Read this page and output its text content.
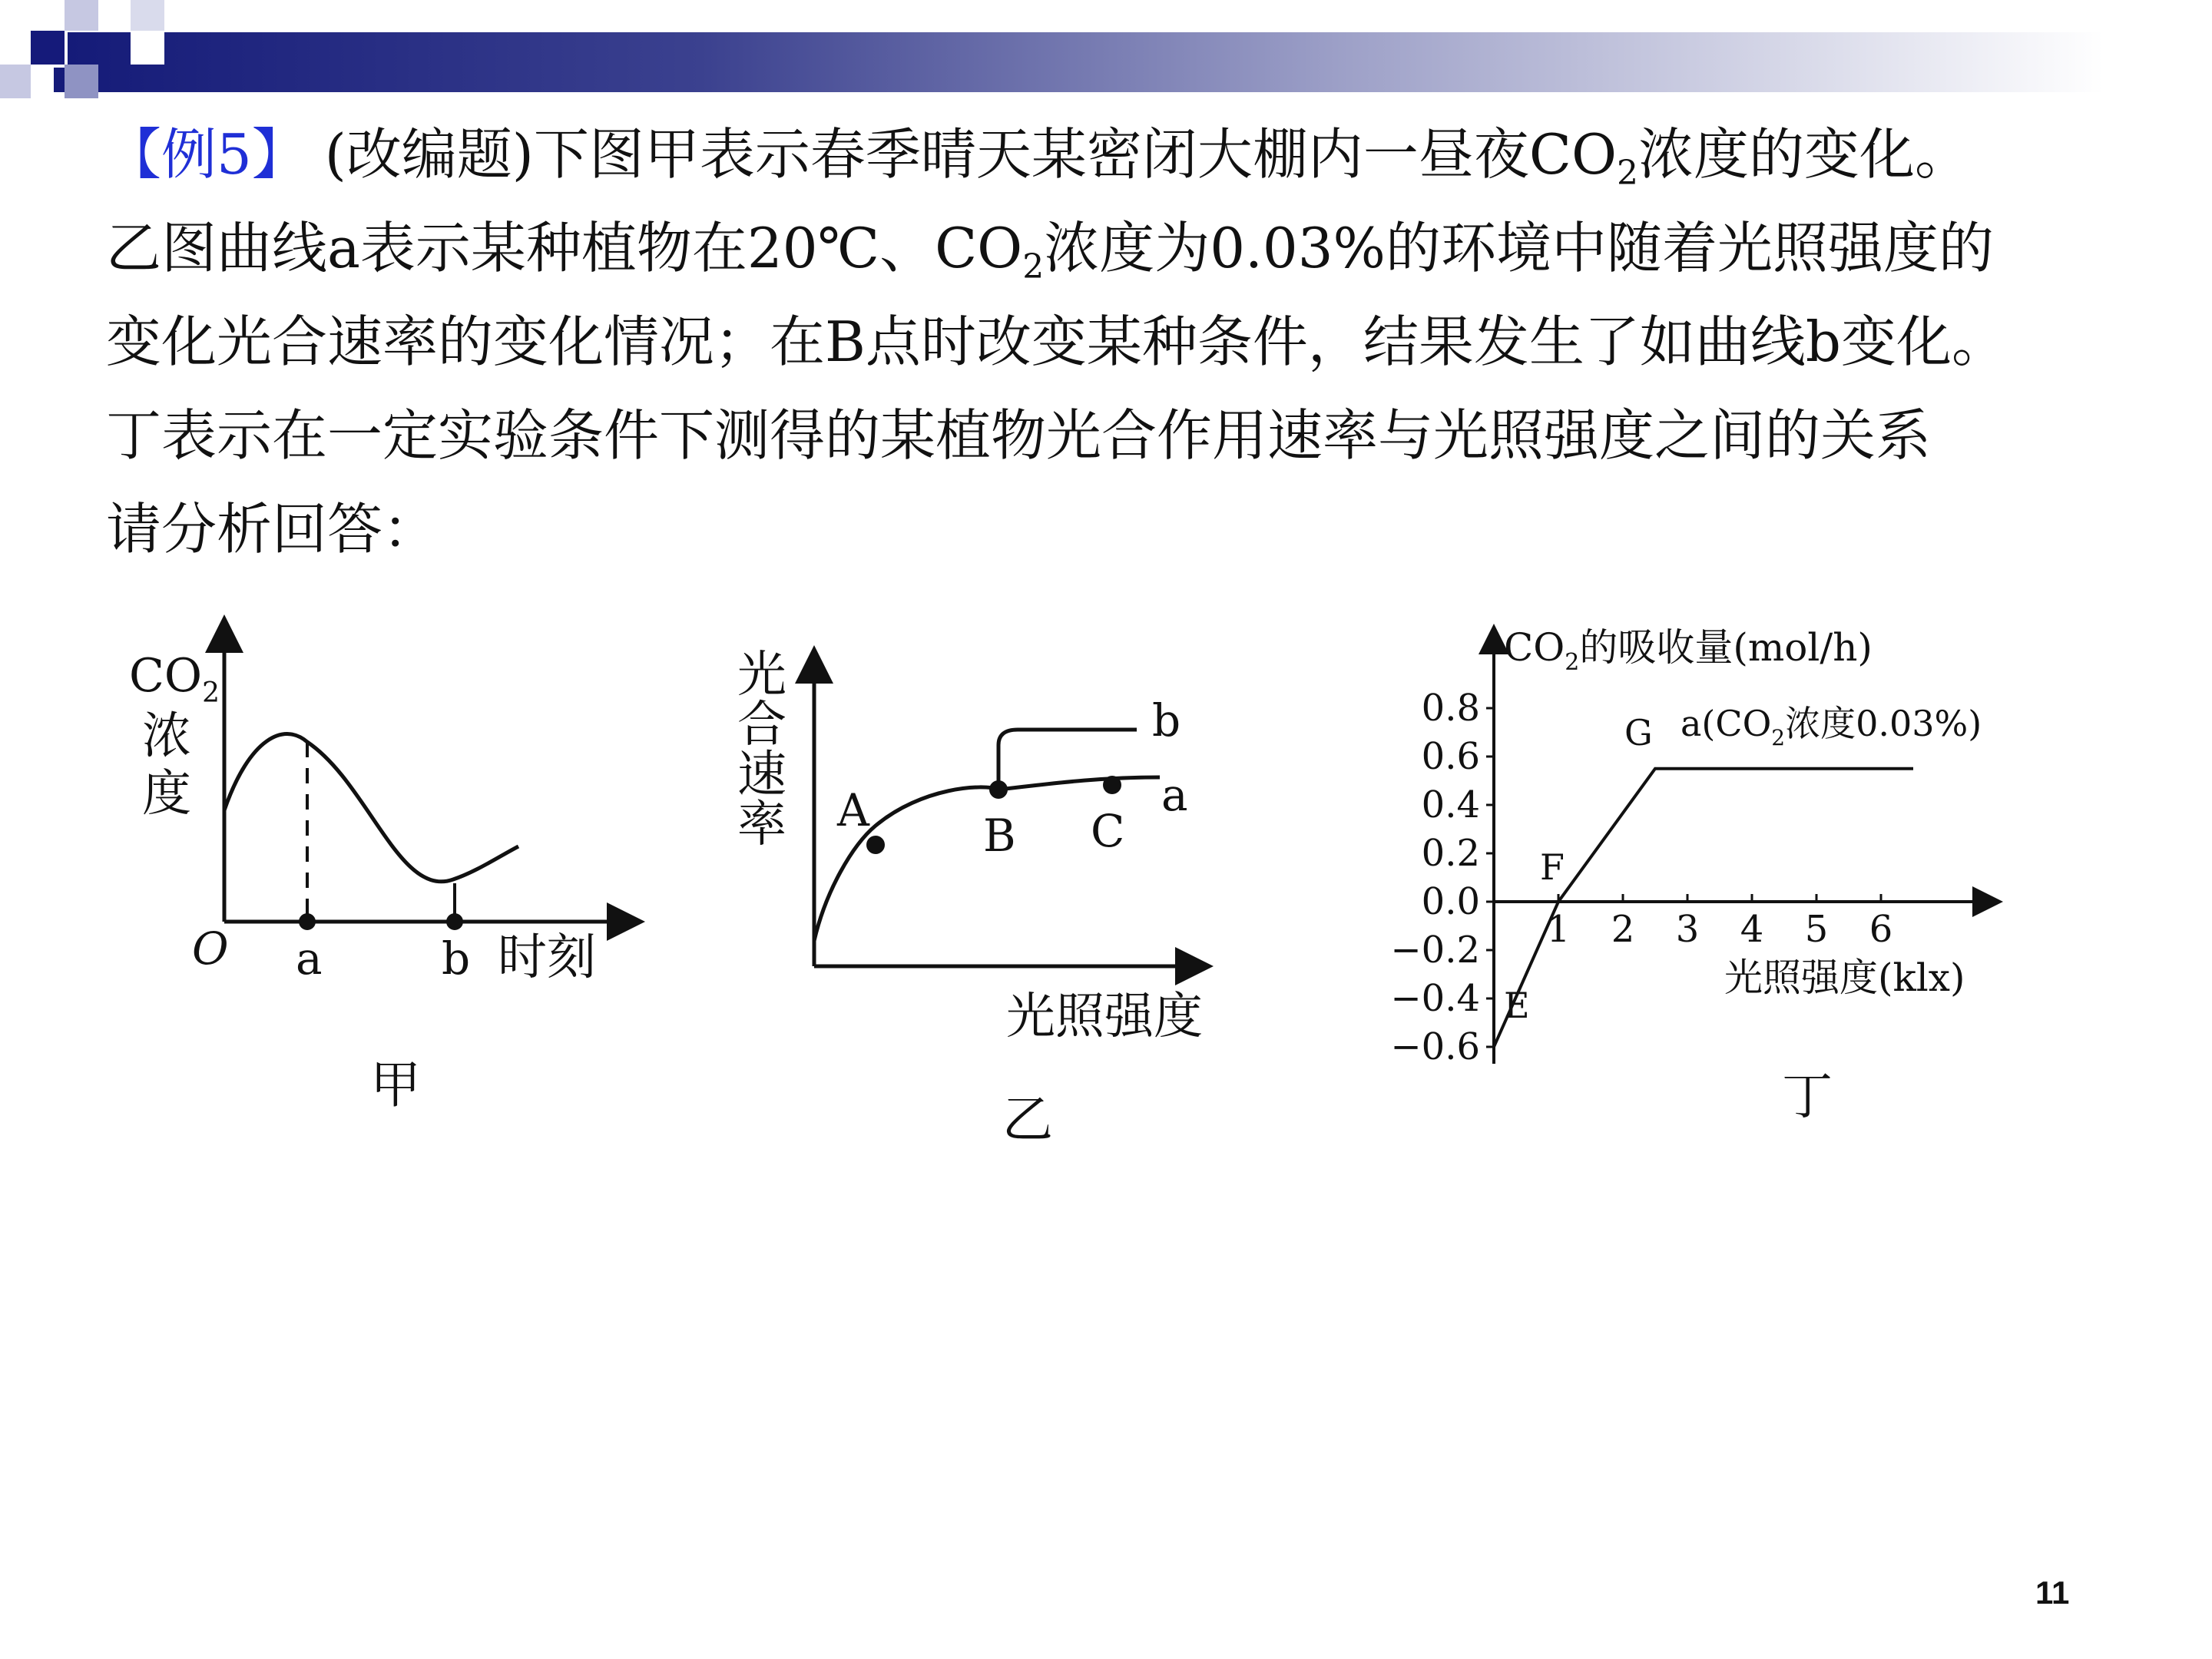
【例5】 (改编题)下图甲表示春季晴天某密闭大棚内一昼夜$CO_2$浓度的变化。
乙图曲线a表示某种植物在20℃、$CO_2$浓度为0.03%的环境中随着光照强度的
变化光合速率的变化情况；在B点时改变某种条件，结果发生了如曲线b变化。
丁表示在一定实验条件下测得的某植物光合作用速率与光照强度之间的关系
请分析回答：
$CO_2$
浓
度
O a	b 时刻
甲
光
合
速
率 A	B C
b
a
光照强度
乙
0.8
0.6
0.4
0.2
0.0
−0.2
−0.4
−0.6
1 2 3 4 5 6
$CO_2$的吸收量(mol/h)
E
F
G $a(CO_2$浓度0.03%)
光照强度(klx)
丁
11
